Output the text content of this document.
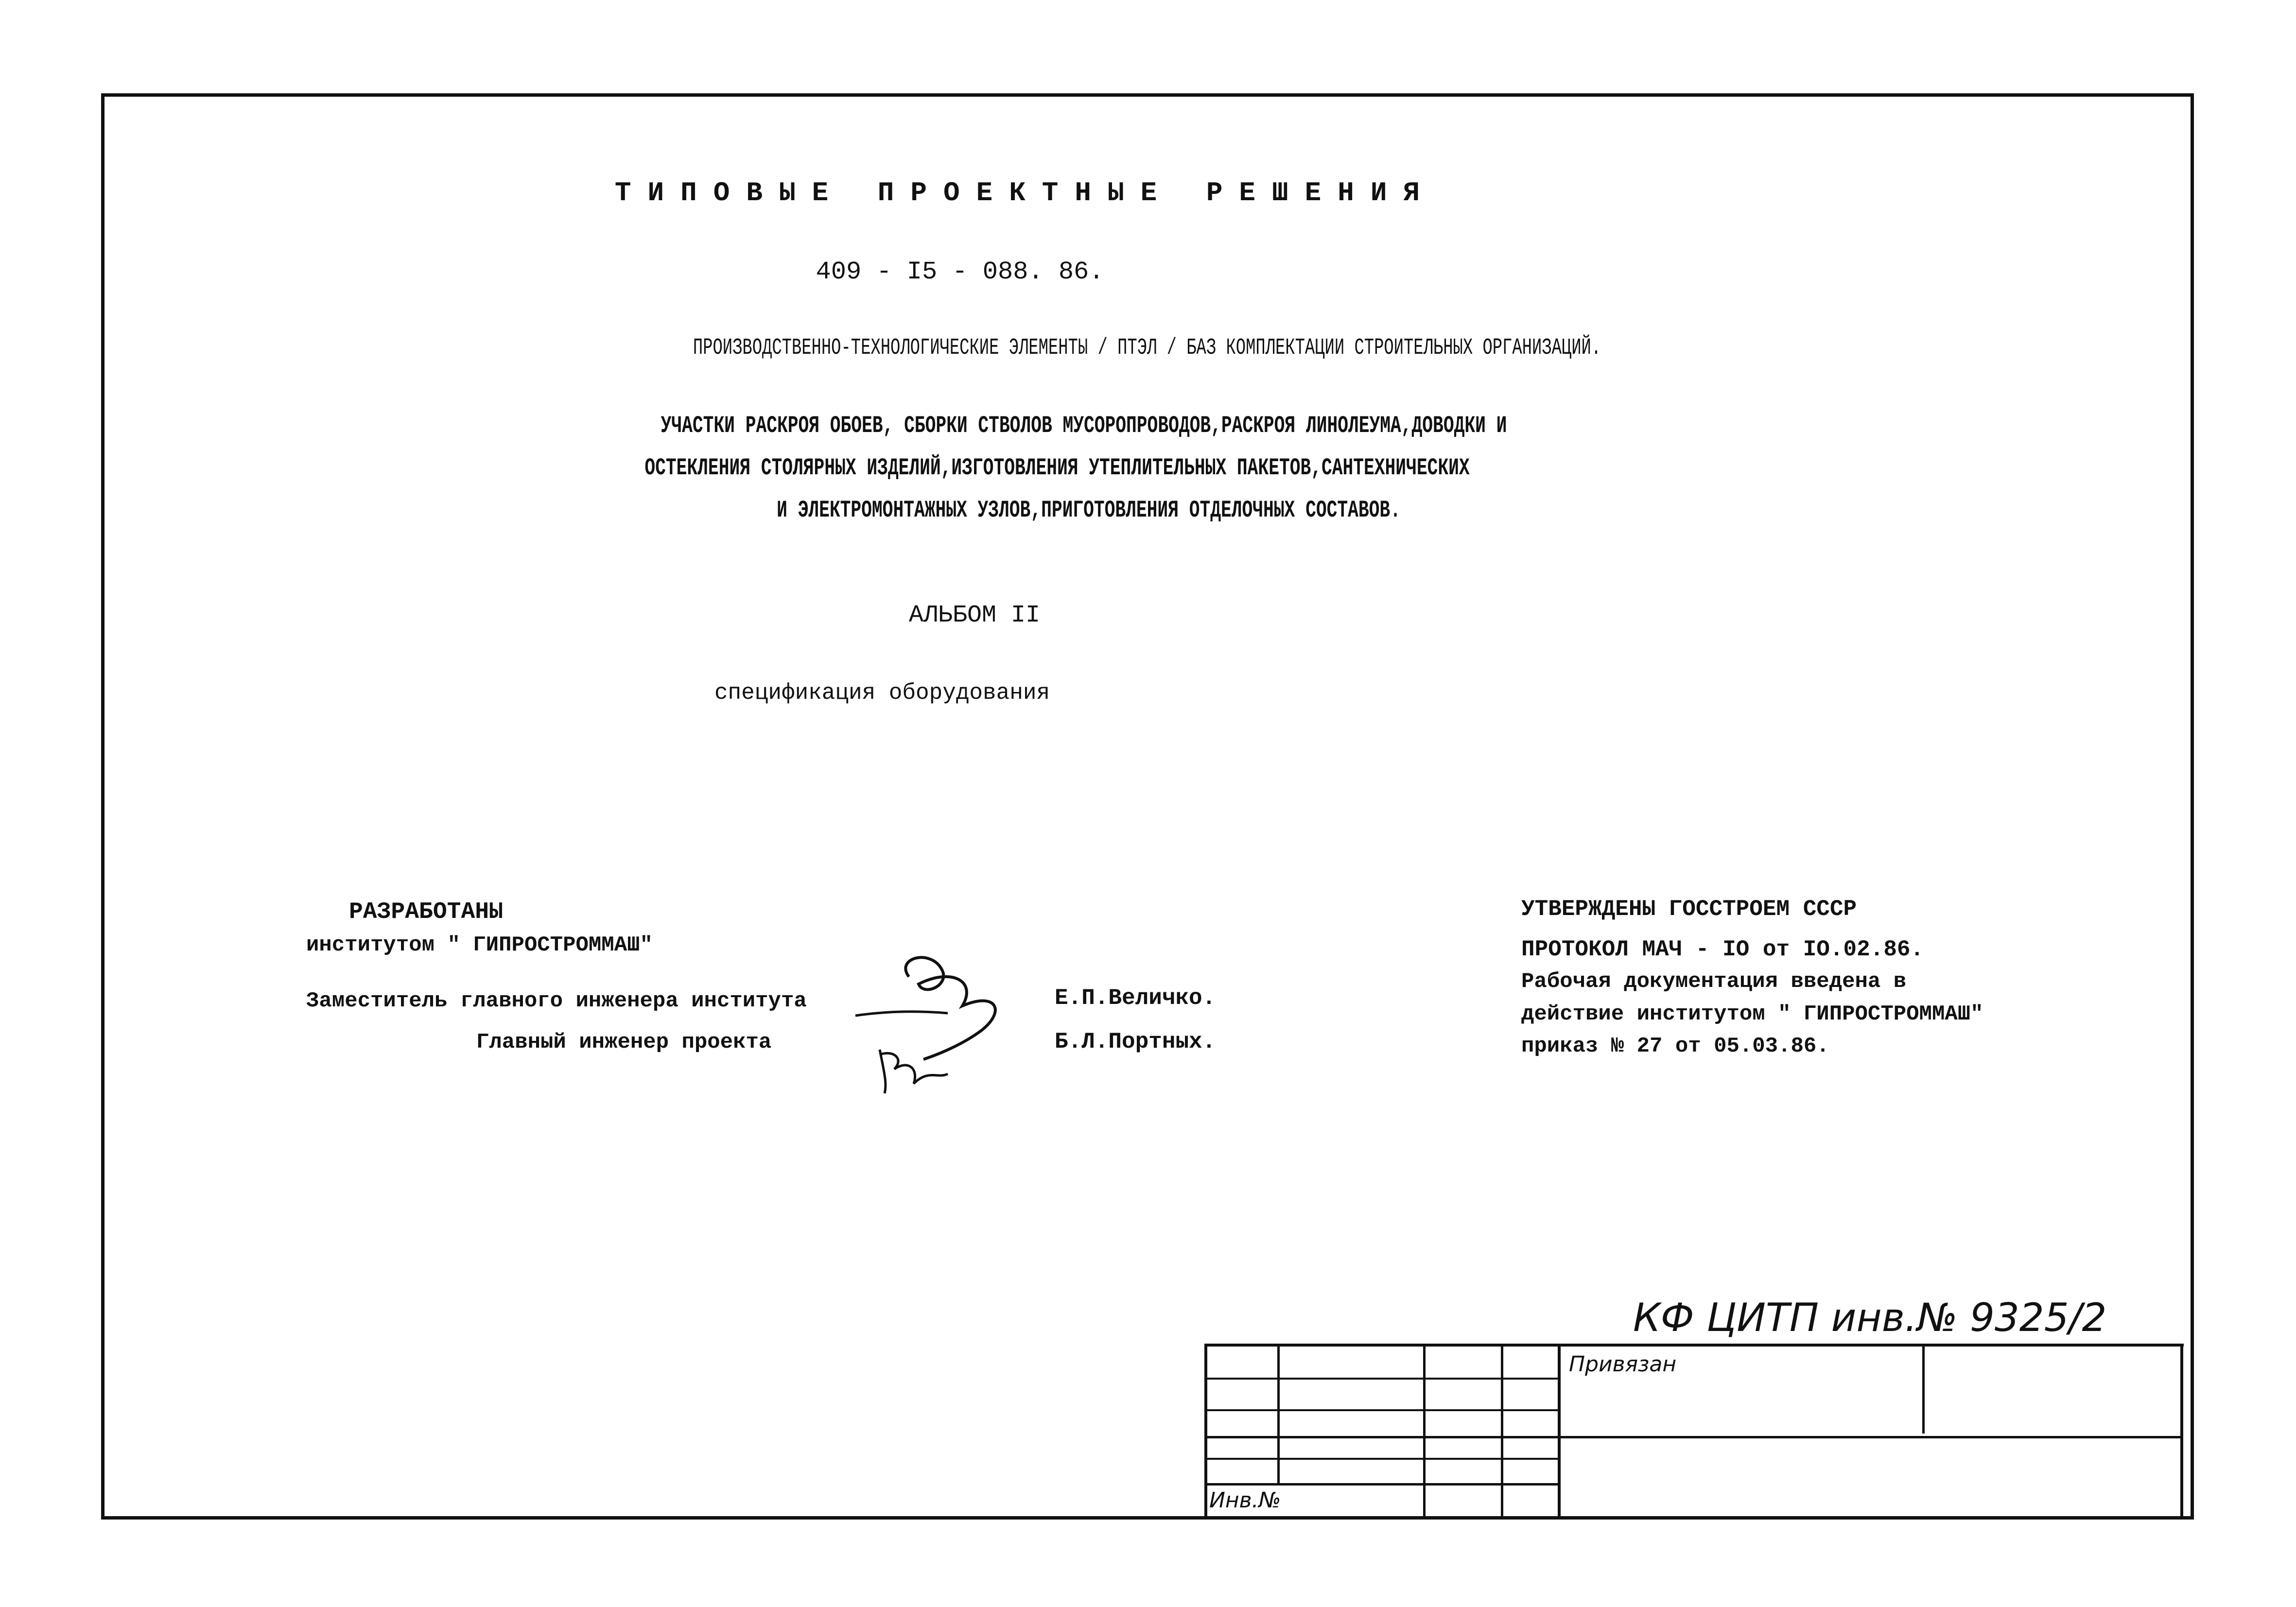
ТИПОВЫЕ ПРОЕКТНЫЕ РЕШЕНИЯ
409 - I5 - 088. 86.
ПРОИЗВОДСТВЕННО-ТЕХНОЛОГИЧЕСКИЕ ЭЛЕМЕНТЫ / ПТЭЛ / БАЗ КОМПЛЕКТАЦИИ СТРОИТЕЛЬНЫХ ОРГАНИЗАЦИЙ.
УЧАСТКИ РАСКРОЯ ОБОЕВ, СБОРКИ СТВОЛОВ МУСОРОПРОВОДОВ,РАСКРОЯ ЛИНОЛЕУМА,ДОВОДКИ И
ОСТЕКЛЕНИЯ СТОЛЯРНЫХ ИЗДЕЛИЙ,ИЗГОТОВЛЕНИЯ УТЕПЛИТЕЛЬНЫХ ПАКЕТОВ,САНТЕХНИЧЕСКИХ
И ЭЛЕКТРОМОНТАЖНЫХ УЗЛОВ,ПРИГОТОВЛЕНИЯ ОТДЕЛОЧНЫХ СОСТАВОВ.
АЛЬБОМ II
спецификация оборудования
РАЗРАБОТАНЫ
институтом " ГИПРОСТРОММАШ"
Заместитель главного инженера института
Главный инженер проекта
Е.П.Величко.
Б.Л.Портных.
УТВЕРЖДЕНЫ ГОССТРОЕМ СССР
ПРОТОКОЛ МАЧ - IO от IO.02.86.
Рабочая документация введена в
действие институтом " ГИПРОСТРОММАШ"
приказ № 27 от 05.03.86.
КФ ЦИТП инв.№ 9325/2
Привязан
Инв.№
